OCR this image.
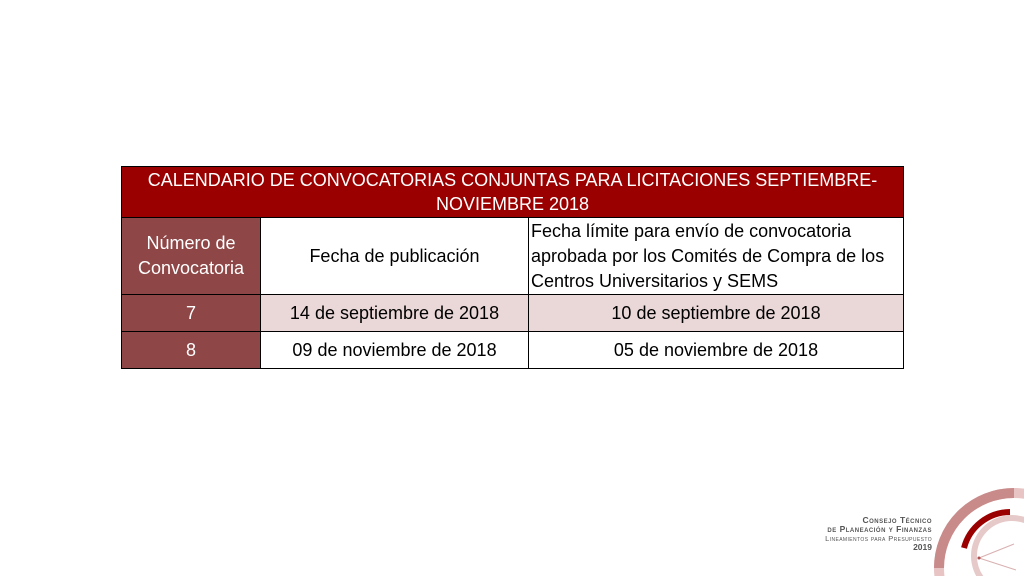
CALENDARIO DE CONVOCATORIAS CONJUNTAS PARA LICITACIONES SEPTIEMBRE-NOVIEMBRE 2018		
Número de Convocatoria	Fecha de publicación	Fecha límite para envío de convocatoria aprobada por los Comités de Compra de los Centros Universitarios y SEMS
7	14 de septiembre de 2018	10 de septiembre de 2018
8	09 de noviembre de 2018	05 de noviembre de 2018
Consejo Técnico
de Planeación y Finanzas
Lineamientos para Presupuesto
2019
